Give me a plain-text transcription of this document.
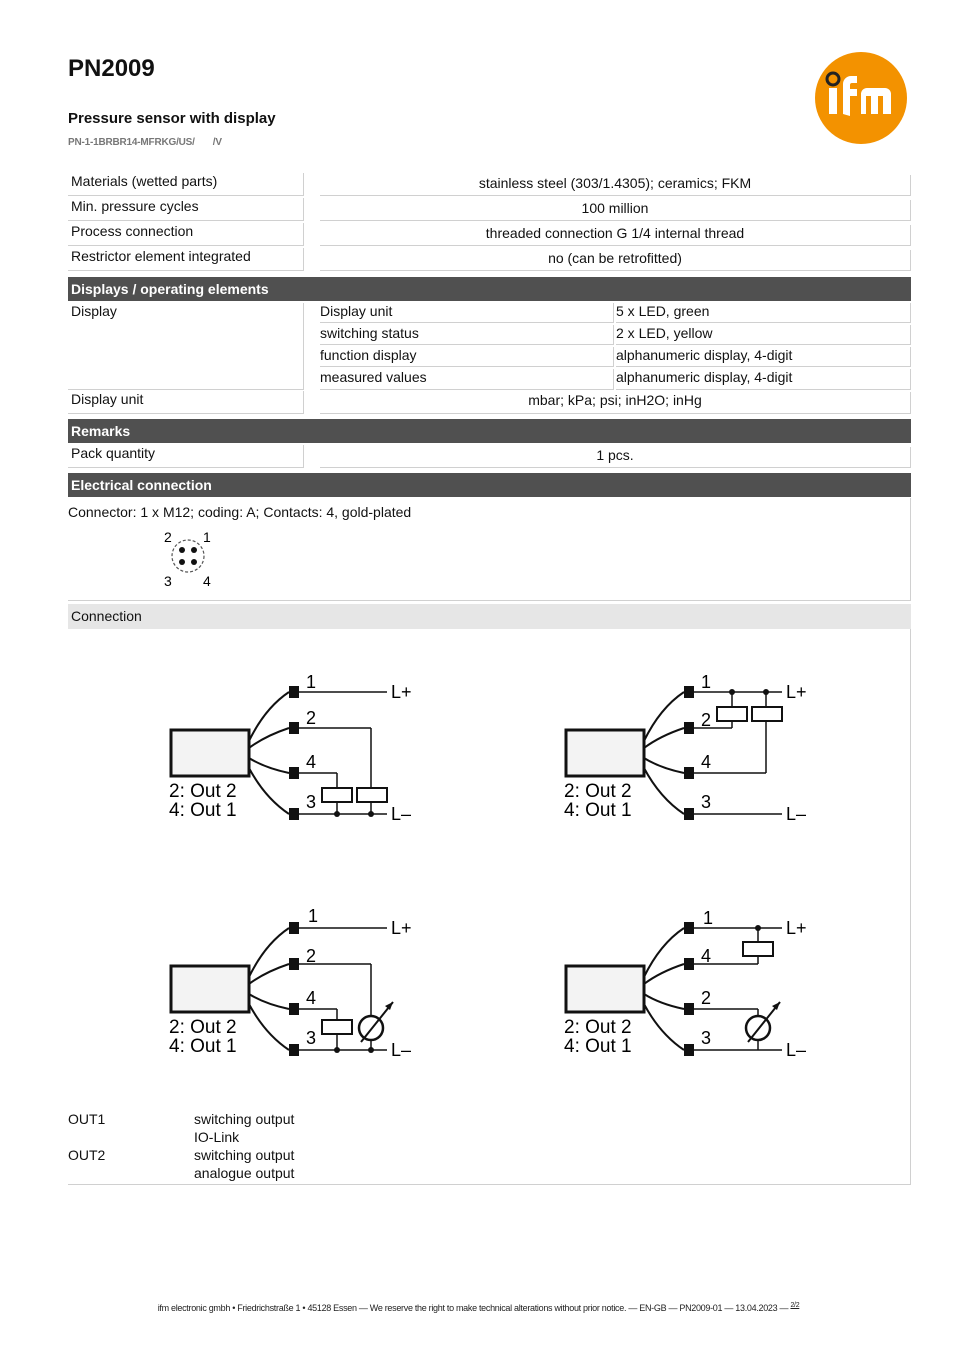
PN2009
Pressure sensor with display
PN-1-1BRBR14-MFRKG/US/ /V
Materials (wetted parts)	stainless steel (303/1.4305); ceramics; FKM
Min. pressure cycles	100 million
Process connection	threaded connection G 1/4 internal thread
Restrictor element integrated	no (can be retrofitted)
Displays / operating elements
Display	Display unit	5 x LED, green
switching status	2 x LED, yellow
function display	alphanumeric display, 4-digit
measured values	alphanumeric display, 4-digit
Display unit	mbar; kPa; psi; inH2O; inHg
Remarks
Pack quantity	1 pcs.
Electrical connection
Connector: 1 x M12; coding: A; Contacts: 4, gold-plated
2 1
3 4
Connection
1
2
4
3
L+
L–
2: Out 2
4: Out 1
1
2
4
3
L+
L–
2: Out 2
4: Out 1
1
2
4
3
L+
L–
2: Out 2
4: Out 1
1
4
2
3
L+
L–
2: Out 2
4: Out 1
OUT1	switching output
IO-Link
OUT2	switching output
analogue output
ifm electronic gmbh • Friedrichstraße 1 • 45128 Essen — We reserve the right to make technical alterations without prior notice. — EN-GB — PN2009-01 — 13.04.2023 — $^{2/2}$
